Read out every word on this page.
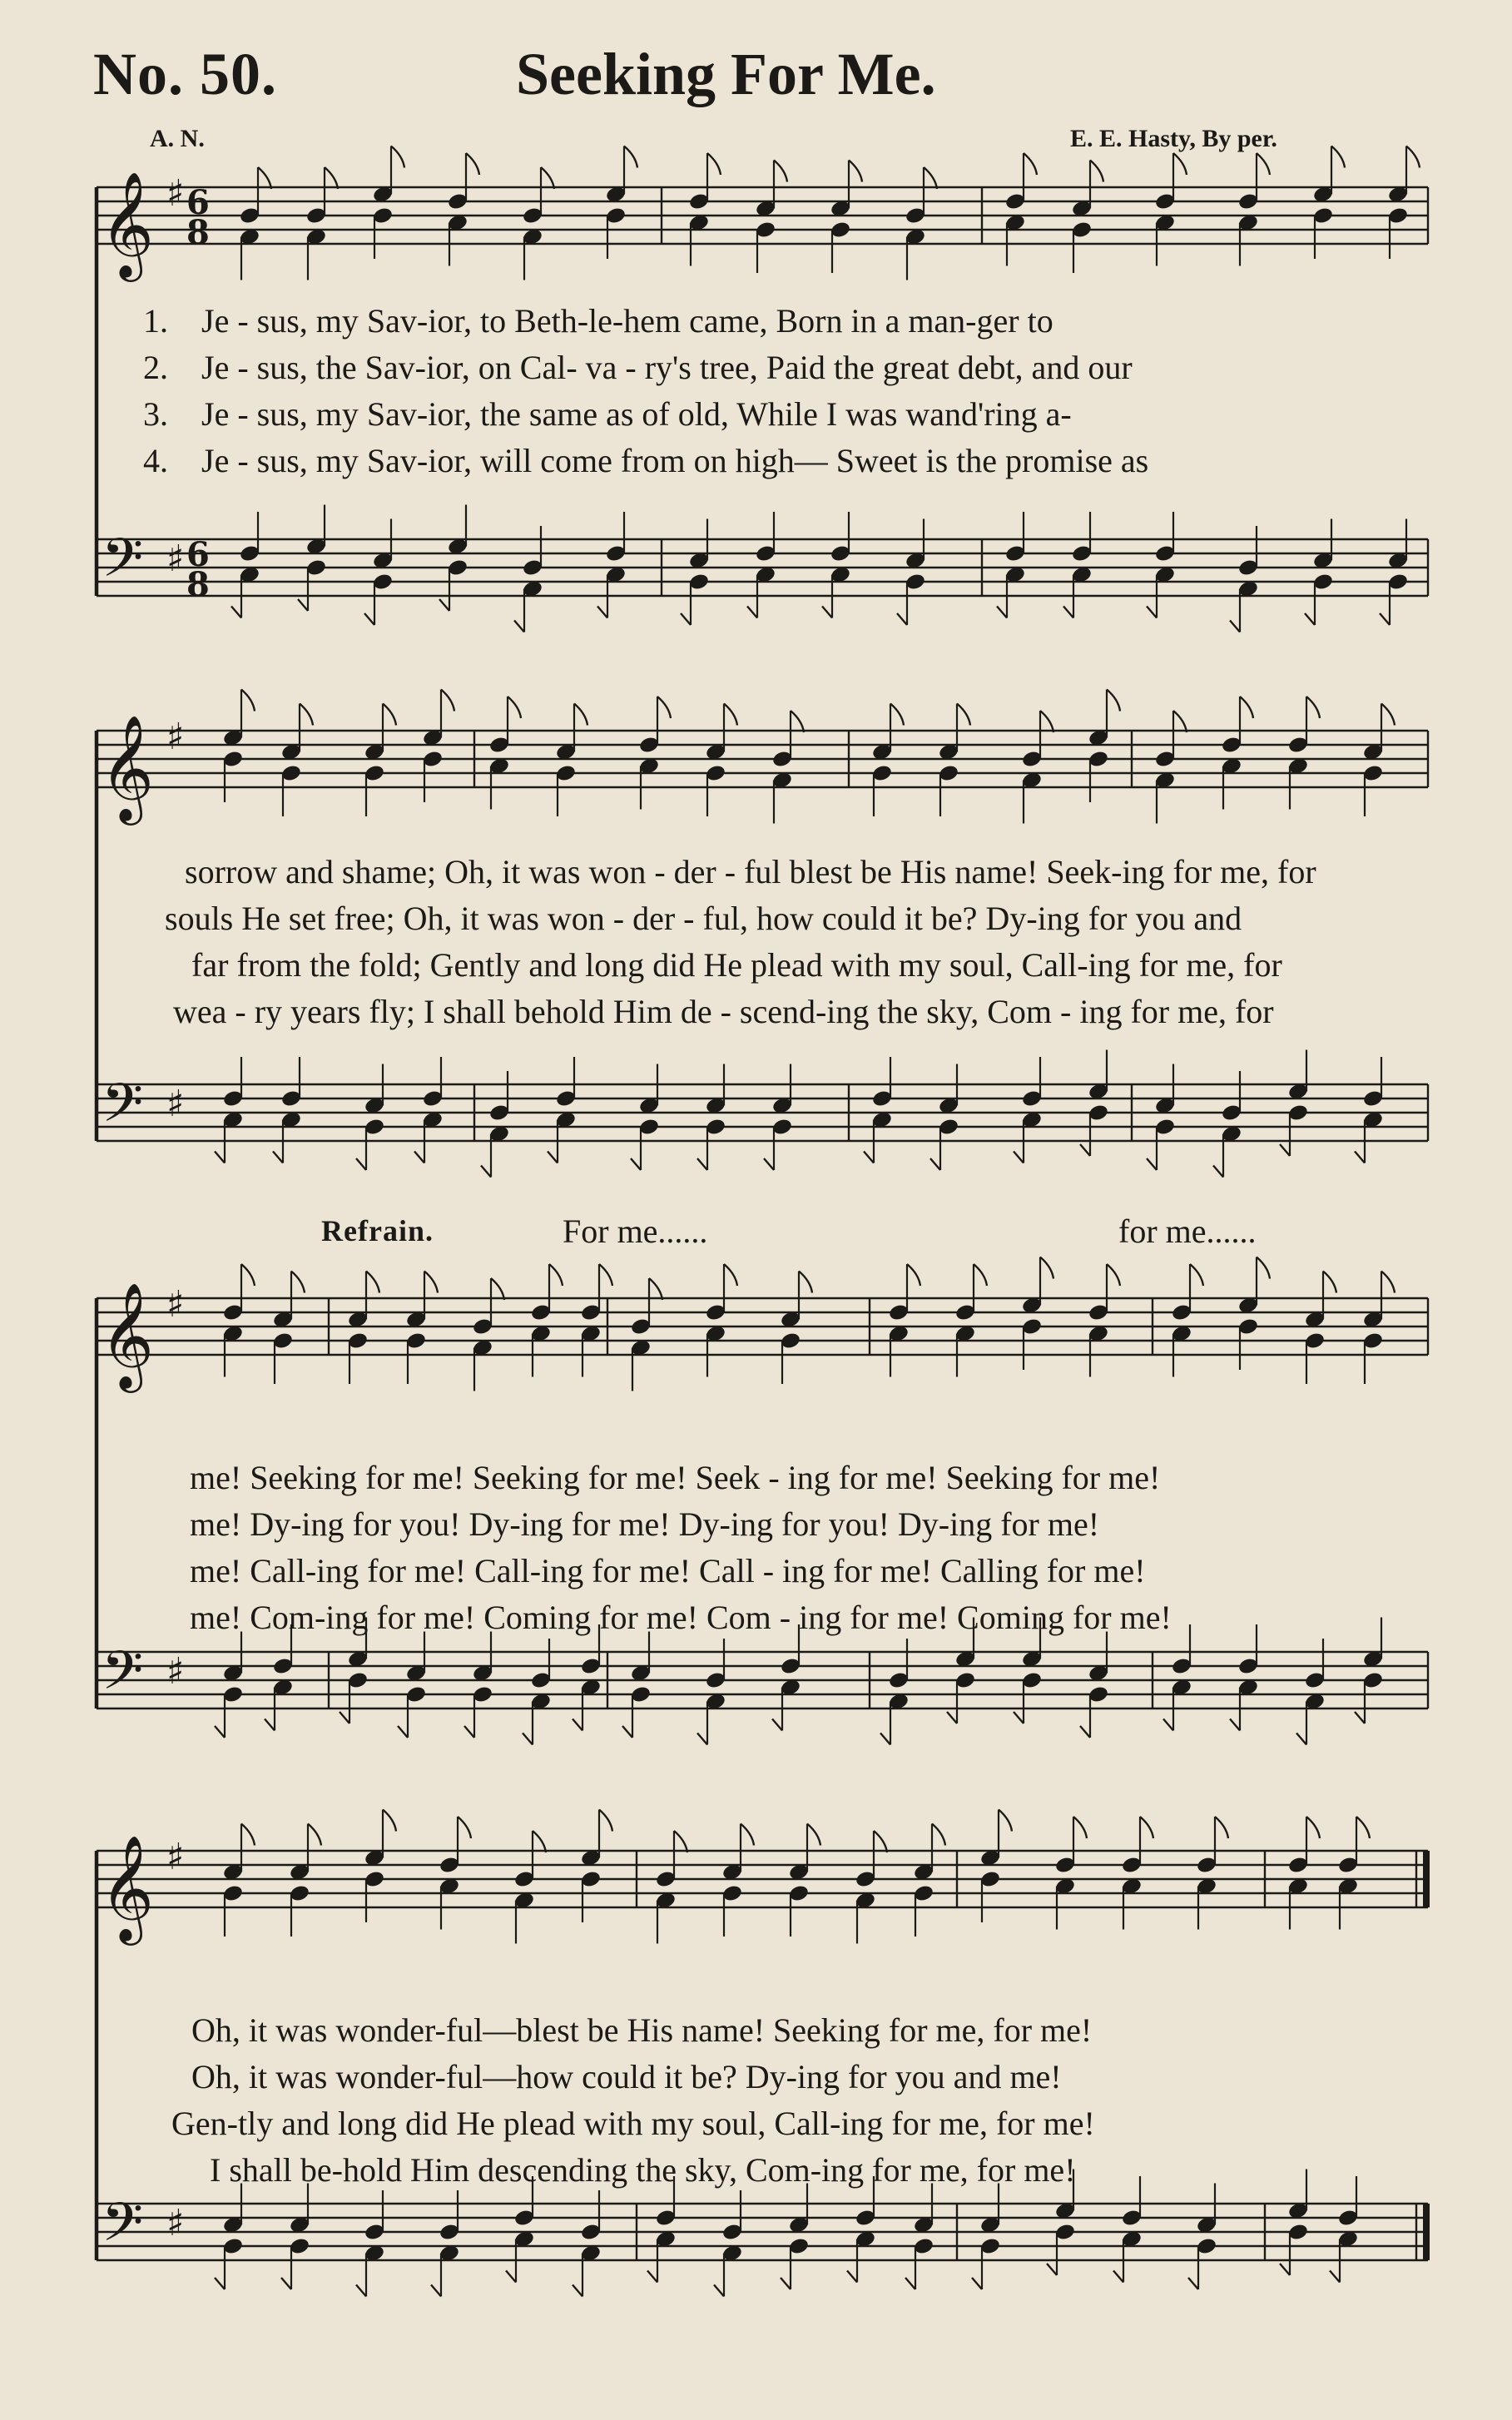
No. 50.	Seeking For Me.
A. N.	E. E. Hasty, By per.
𝄞
𝄢
♯
♯
6
8
6
8
𝄞
𝄢
♯
♯
𝄞
𝄢
♯
♯
𝄞
𝄢
♯
♯
1. Je - sus, my Sav-ior, to Beth-le-hem came, Born in a man-ger to
2. Je - sus, the Sav-ior, on Cal- va - ry's tree, Paid the great debt, and our
3. Je - sus, my Sav-ior, the same as of old, While I was wand'ring a-
4. Je - sus, my Sav-ior, will come from on high— Sweet is the promise as
sorrow and shame; Oh, it was won - der - ful blest be His name! Seek-ing for me, for
souls He set free; Oh, it was won - der - ful, how could it be? Dy-ing for you and
far from the fold; Gently and long did He plead with my soul, Call-ing for me, for
wea - ry years fly; I shall behold Him de - scend-ing the sky, Com - ing for me, for
Refrain.	For me......	for me......
me! Seeking for me! Seeking for me! Seek - ing for me! Seeking for me!
me! Dy-ing for you! Dy-ing for me! Dy-ing for you! Dy-ing for me!
me! Call-ing for me! Call-ing for me! Call - ing for me! Calling for me!
me! Com-ing for me! Coming for me! Com - ing for me! Coming for me!
Oh, it was wonder-ful—blest be His name! Seeking for me, for me!
Oh, it was wonder-ful—how could it be? Dy-ing for you and me!
Gen-tly and long did He plead with my soul, Call-ing for me, for me!
I shall be-hold Him descending the sky, Com-ing for me, for me!
